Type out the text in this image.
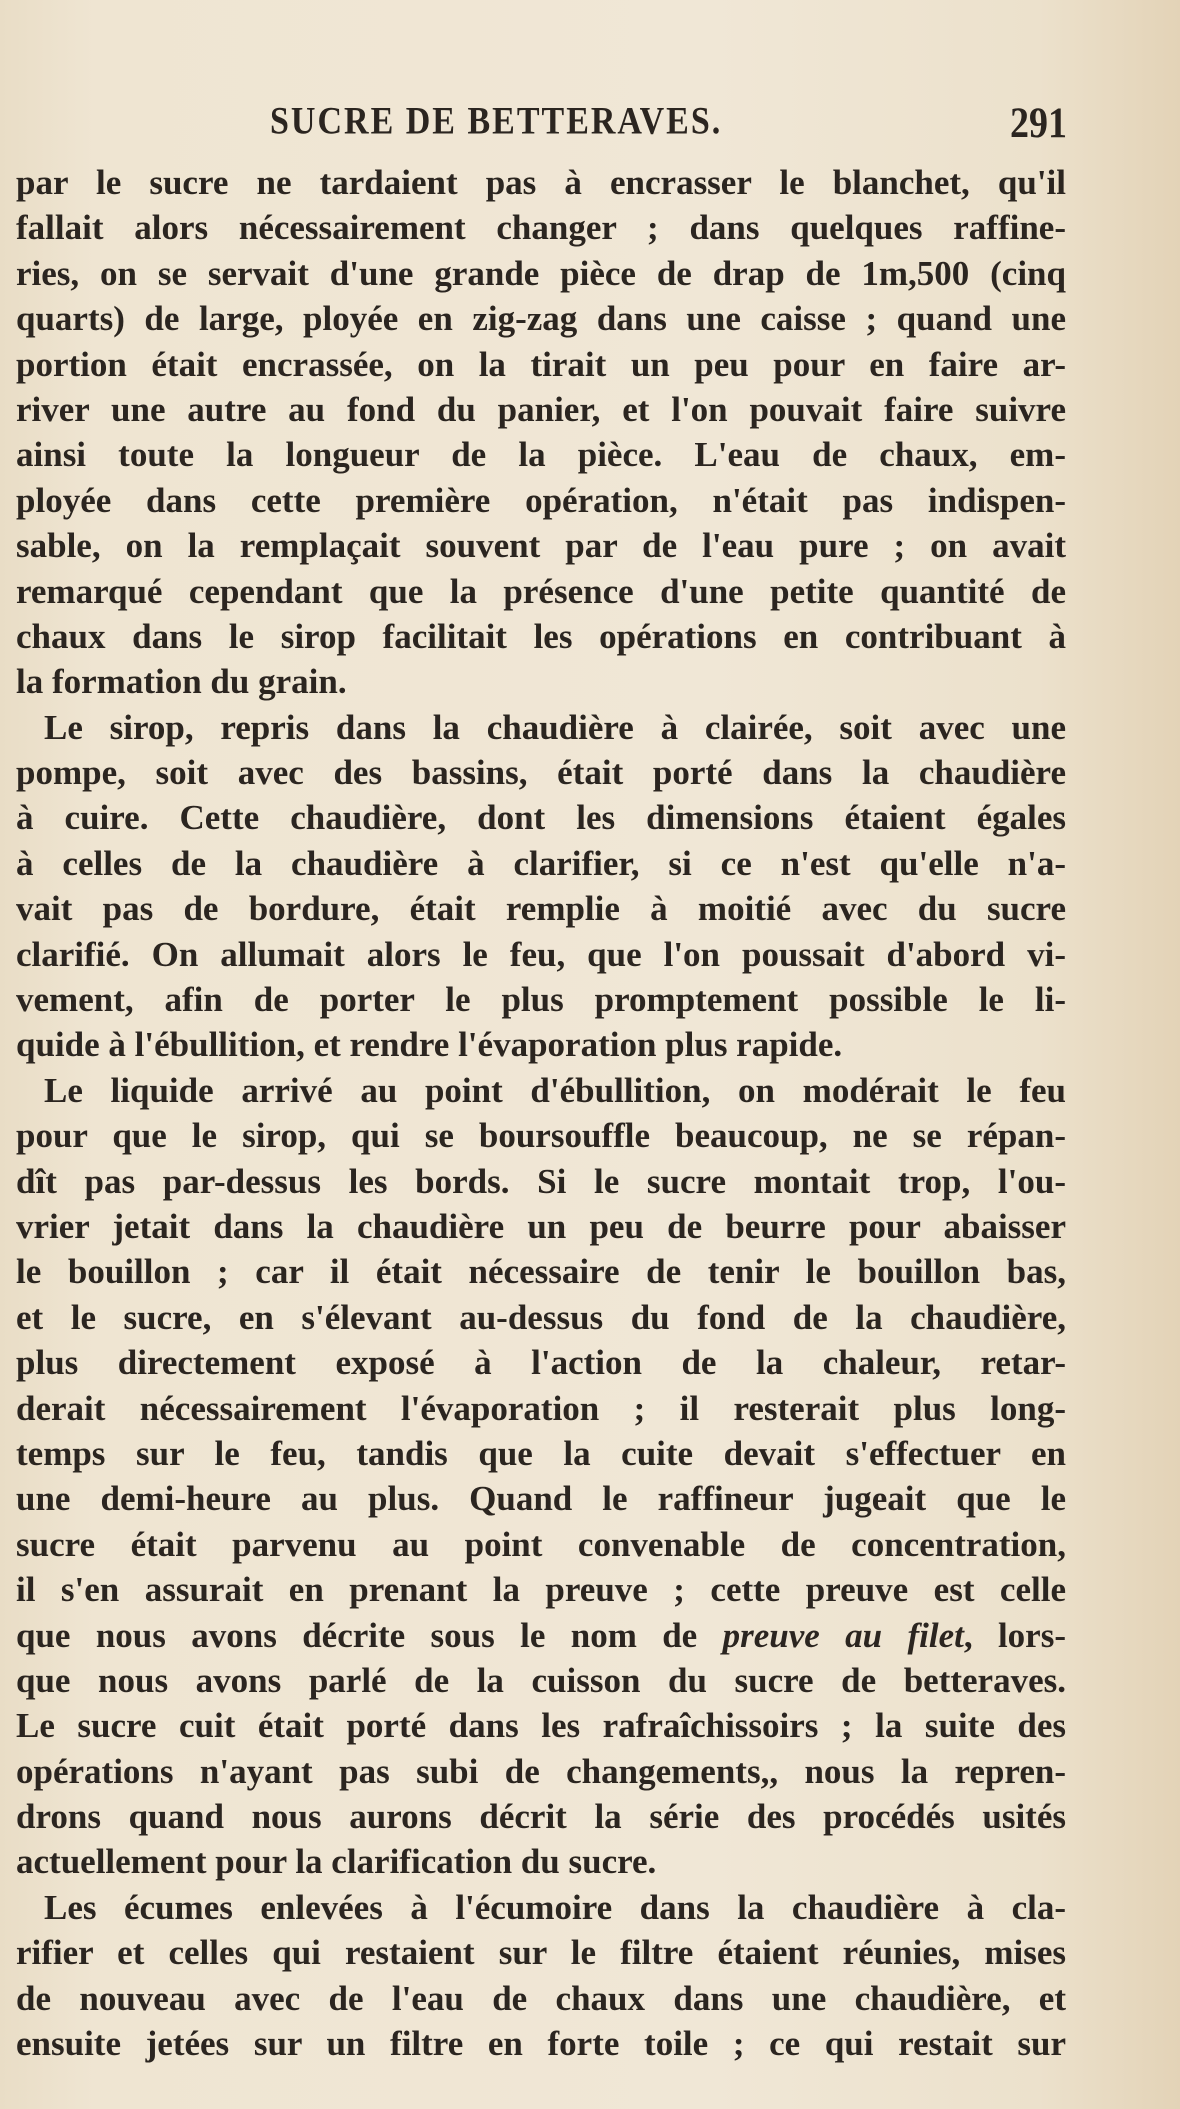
SUCRE DE BETTERAVES.	291
par le sucre ne tardaient pas à encrasser le blanchet, qu'il
fallait alors nécessairement changer ; dans quelques raffine-
ries, on se servait d'une grande pièce de drap de 1m,500 (cinq
quarts) de large, ployée en zig-zag dans une caisse ; quand une
portion était encrassée, on la tirait un peu pour en faire ar-
river une autre au fond du panier, et l'on pouvait faire suivre
ainsi toute la longueur de la pièce. L'eau de chaux, em-
ployée dans cette première opération, n'était pas indispen-
sable, on la remplaçait souvent par de l'eau pure ; on avait
remarqué cependant que la présence d'une petite quantité de
chaux dans le sirop facilitait les opérations en contribuant à
la formation du grain.
Le sirop, repris dans la chaudière à clairée, soit avec une
pompe, soit avec des bassins, était porté dans la chaudière
à cuire. Cette chaudière, dont les dimensions étaient égales
à celles de la chaudière à clarifier, si ce n'est qu'elle n'a-
vait pas de bordure, était remplie à moitié avec du sucre
clarifié. On allumait alors le feu, que l'on poussait d'abord vi-
vement, afin de porter le plus promptement possible le li-
quide à l'ébullition, et rendre l'évaporation plus rapide.
Le liquide arrivé au point d'ébullition, on modérait le feu
pour que le sirop, qui se boursouffle beaucoup, ne se répan-
dît pas par-dessus les bords. Si le sucre montait trop, l'ou-
vrier jetait dans la chaudière un peu de beurre pour abaisser
le bouillon ; car il était nécessaire de tenir le bouillon bas,
et le sucre, en s'élevant au-dessus du fond de la chaudière,
plus directement exposé à l'action de la chaleur, retar-
derait nécessairement l'évaporation ; il resterait plus long-
temps sur le feu, tandis que la cuite devait s'effectuer en
une demi-heure au plus. Quand le raffineur jugeait que le
sucre était parvenu au point convenable de concentration,
il s'en assurait en prenant la preuve ; cette preuve est celle
que nous avons décrite sous le nom de preuve au filet, lors-
que nous avons parlé de la cuisson du sucre de betteraves.
Le sucre cuit était porté dans les rafraîchissoirs ; la suite des
opérations n'ayant pas subi de changements,, nous la repren-
drons quand nous aurons décrit la série des procédés usités
actuellement pour la clarification du sucre.
Les écumes enlevées à l'écumoire dans la chaudière à cla-
rifier et celles qui restaient sur le filtre étaient réunies, mises
de nouveau avec de l'eau de chaux dans une chaudière, et
ensuite jetées sur un filtre en forte toile ; ce qui restait sur
